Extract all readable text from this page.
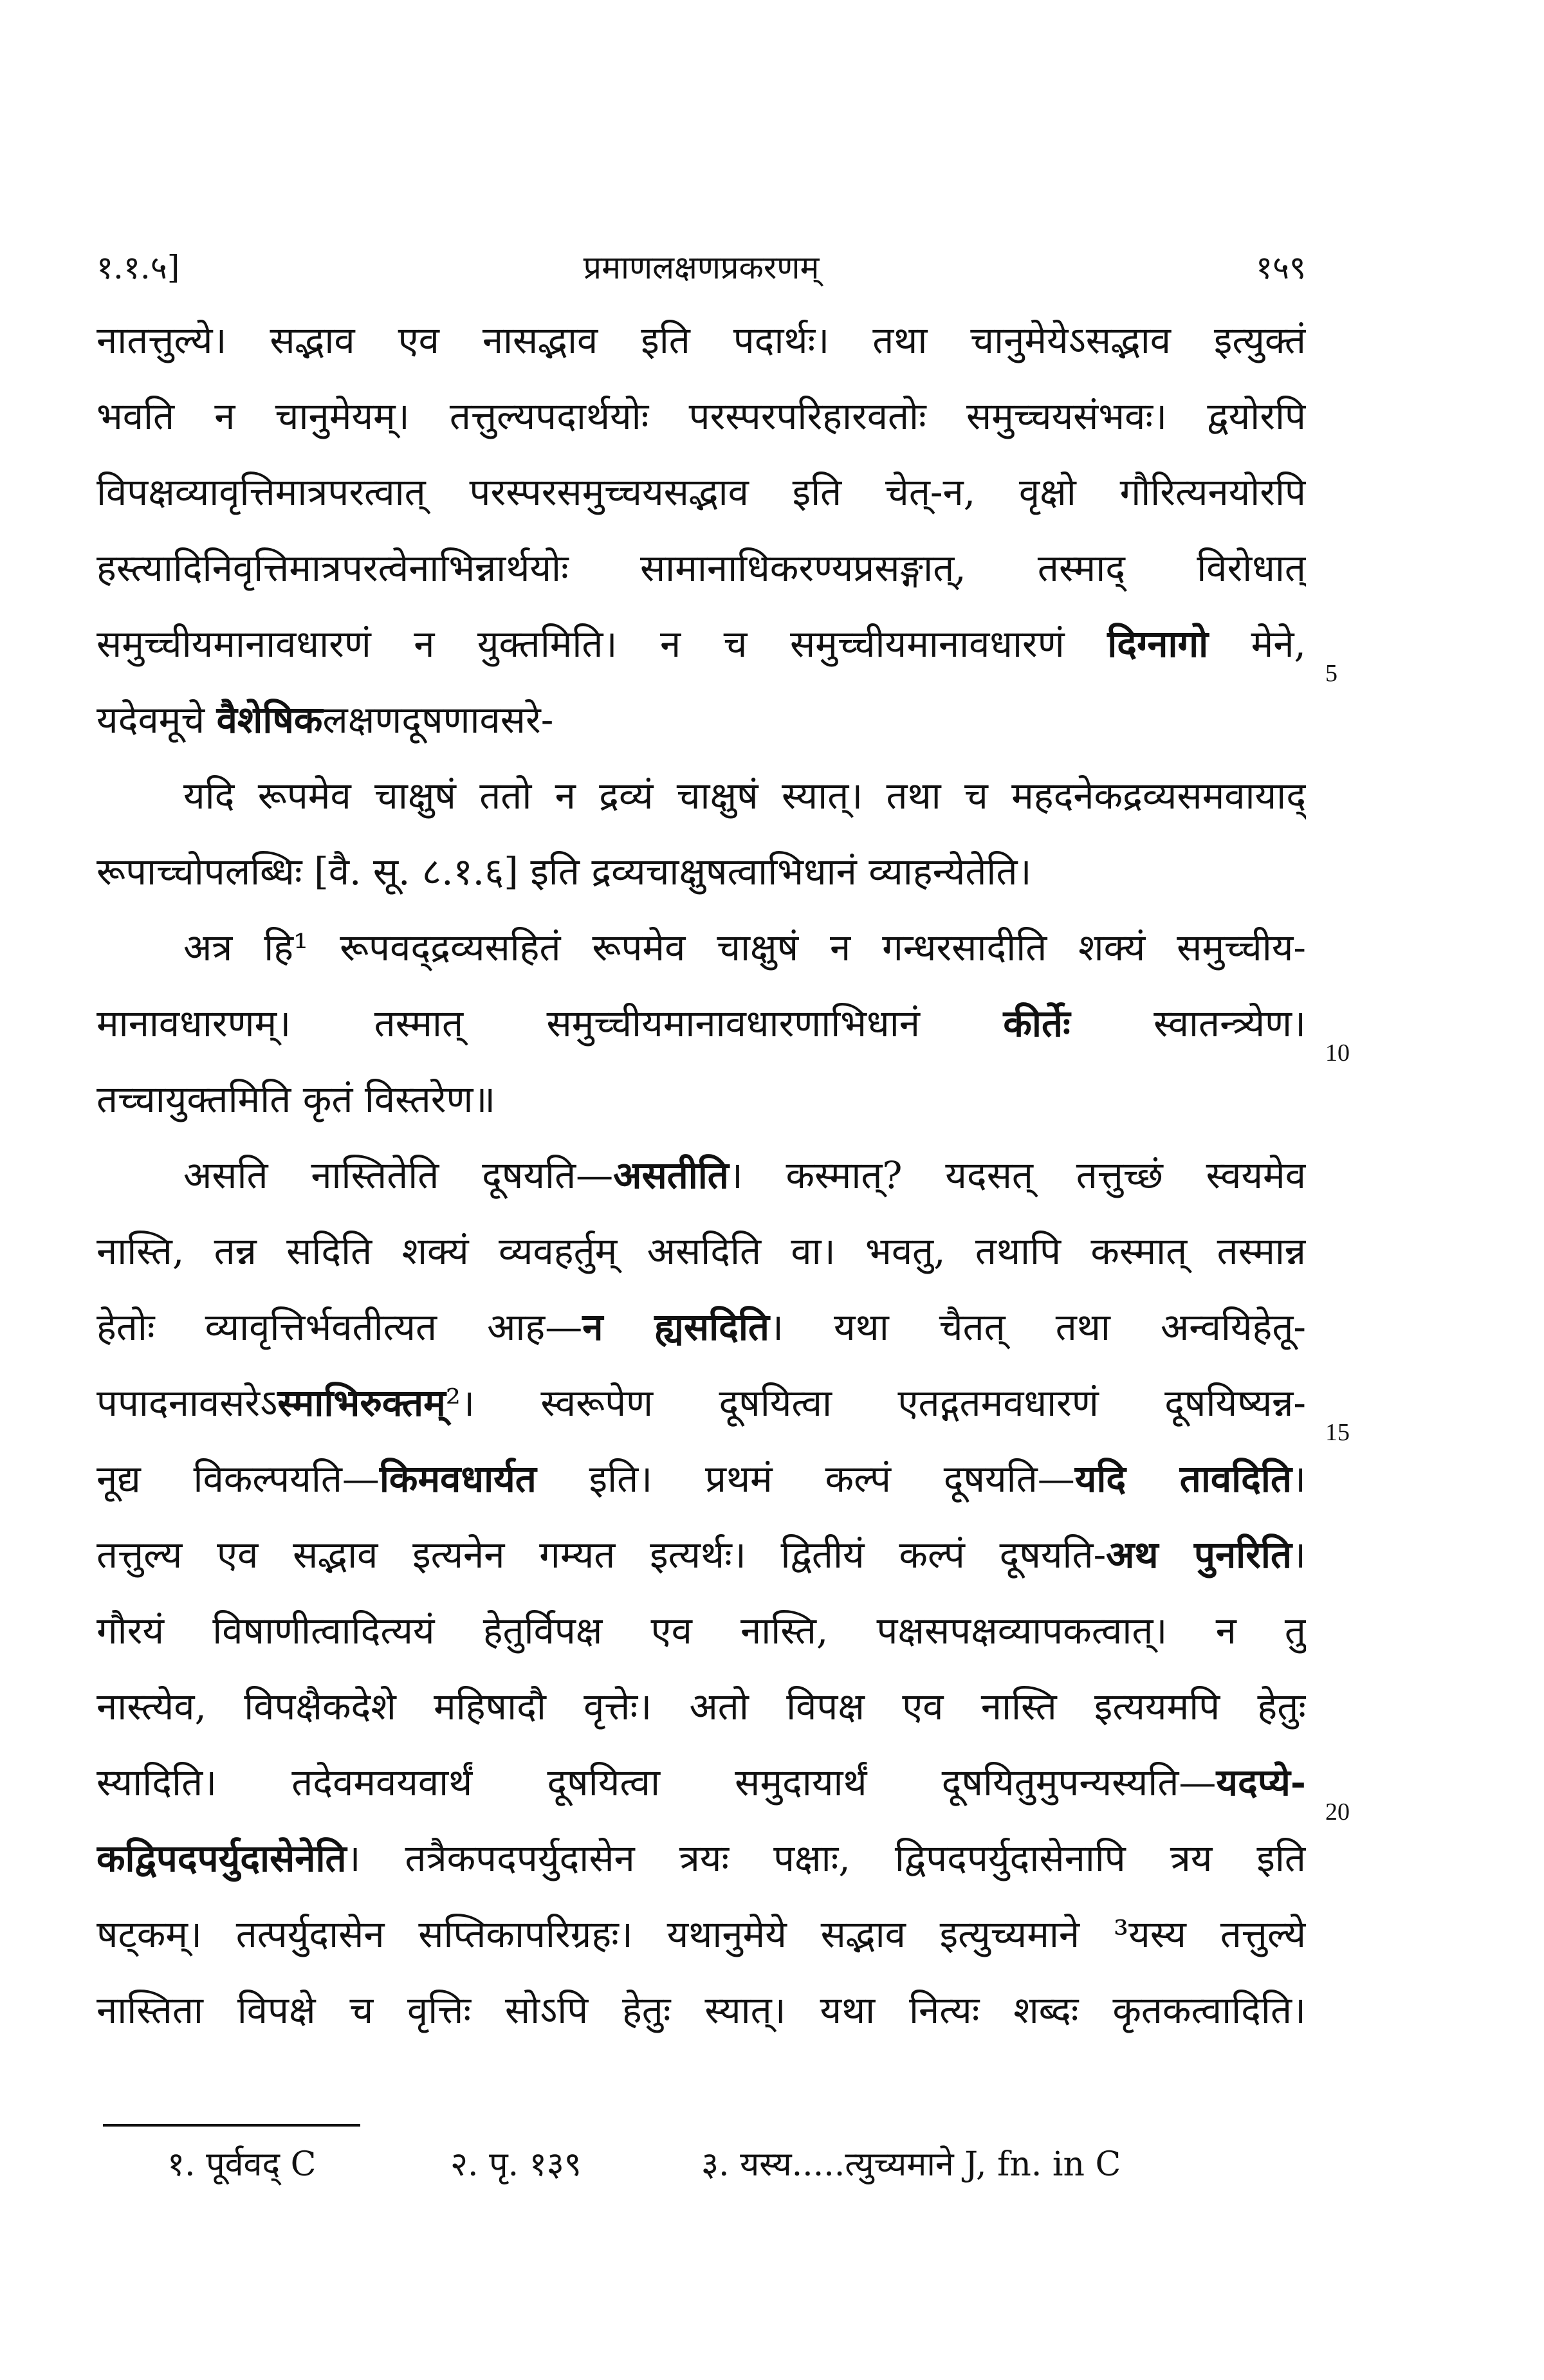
१.१.५]	प्रमाणलक्षणप्रकरणम्	१५९
नातत्तुल्ये। सद्भाव एव नासद्भाव इति पदार्थः। तथा चानुमेयेऽसद्भाव इत्युक्तं
भवति न चानुमेयम्। तत्तुल्यपदार्थयोः परस्परपरिहारवतोः समुच्चयसंभवः। द्वयोरपि
विपक्षव्यावृत्तिमात्रपरत्वात् परस्परसमुच्चयसद्भाव इति चेत्-न, वृक्षो गौरित्यनयोरपि
हस्त्यादिनिवृत्तिमात्रपरत्वेनाभिन्नार्थयोः सामानाधिकरण्यप्रसङ्गात्, तस्माद् विरोधात्
समुच्चीयमानावधारणं न युक्तमिति। न च समुच्चीयमानावधारणं दिग्नागो मेने,
यदेवमूचे वैशेषिकलक्षणदूषणावसरे-
यदि रूपमेव चाक्षुषं ततो न द्रव्यं चाक्षुषं स्यात्। तथा च महदनेकद्रव्यसमवायाद्
रूपाच्चोपलब्धिः [वै. सू. ८.१.६] इति द्रव्यचाक्षुषत्वाभिधानं व्याहन्येतेति।
अत्र हि¹ रूपवद्द्रव्यसहितं रूपमेव चाक्षुषं न गन्धरसादीति शक्यं समुच्चीय-
मानावधारणम्। तस्मात् समुच्चीयमानावधारणाभिधानं कीर्तेः स्वातन्त्र्येण।
तच्चायुक्तमिति कृतं विस्तरेण॥
असति नास्तितेति दूषयति—असतीति। कस्मात्? यदसत् तत्तुच्छं स्वयमेव
नास्ति, तन्न सदिति शक्यं व्यवहर्तुम् असदिति वा। भवतु, तथापि कस्मात् तस्मान्न
हेतोः व्यावृत्तिर्भवतीत्यत आह—न ह्यसदिति। यथा चैतत् तथा अन्वयिहेतू-
पपादनावसरेऽस्माभिरुक्तम्²। स्वरूपेण दूषयित्वा एतद्गतमवधारणं दूषयिष्यन्न-
नूद्य विकल्पयति—किमवधार्यत इति। प्रथमं कल्पं दूषयति—यदि तावदिति।
तत्तुल्य एव सद्भाव इत्यनेन गम्यत इत्यर्थः। द्वितीयं कल्पं दूषयति-अथ पुनरिति।
गौरयं विषाणीत्वादित्ययं हेतुर्विपक्ष एव नास्ति, पक्षसपक्षव्यापकत्वात्। न तु
नास्त्येव, विपक्षैकदेशे महिषादौ वृत्तेः। अतो विपक्ष एव नास्ति इत्ययमपि हेतुः
स्यादिति। तदेवमवयवार्थं दूषयित्वा समुदायार्थं दूषयितुमुपन्यस्यति—यदप्ये-
कद्विपदपर्युदासेनेति। तत्रैकपदपर्युदासेन त्रयः पक्षाः, द्विपदपर्युदासेनापि त्रय इति
षट्कम्। तत्पर्युदासेन सप्तिकापरिग्रहः। यथानुमेये सद्भाव इत्युच्यमाने ³यस्य तत्तुल्ये
नास्तिता विपक्षे च वृत्तिः सोऽपि हेतुः स्यात्। यथा नित्यः शब्दः कृतकत्वादिति।
5
10
15
20
१. पूर्ववद् C	२. पृ. १३९	३. यस्य.....त्युच्यमाने J, fn. in C
